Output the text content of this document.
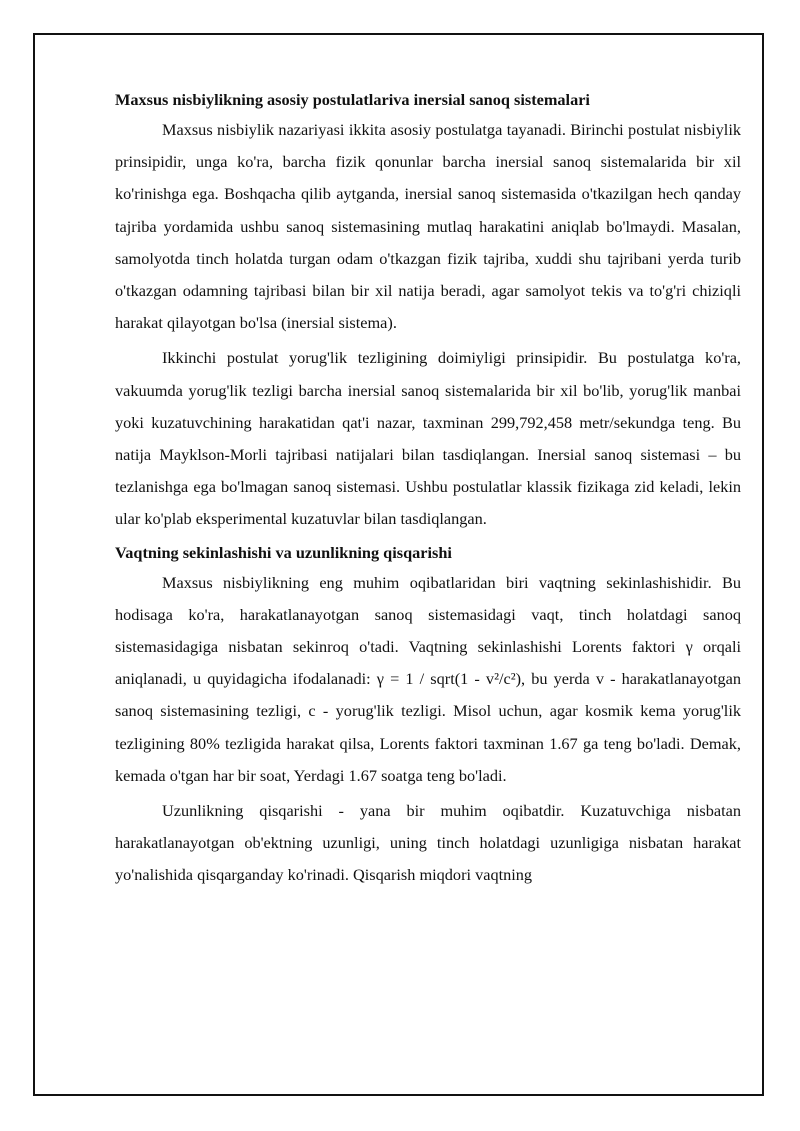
Maxsus nisbiylikning asosiy postulatlariva inersial sanoq sistemalari

Maxsus nisbiylik nazariyasi ikkita asosiy postulatga tayanadi. Birinchi postulat nisbiylik prinsipidir, unga ko'ra, barcha fizik qonunlar barcha inersial sanoq sistemalarida bir xil ko'rinishga ega. Boshqacha qilib aytganda, inersial sanoq sistemasida o'tkazilgan hech qanday tajriba yordamida ushbu sanoq sistemasining mutlaq harakatini aniqlab bo'lmaydi. Masalan, samolyotda tinch holatda turgan odam o'tkazgan fizik tajriba, xuddi shu tajribani yerda turib o'tkazgan odamning tajribasi bilan bir xil natija beradi, agar samolyot tekis va to'g'ri chiziqli harakat qilayotgan bo'lsa (inersial sistema).

Ikkinchi postulat yorug'lik tezligining doimiyligi prinsipidir. Bu postulatga ko'ra, vakuumda yorug'lik tezligi barcha inersial sanoq sistemalarida bir xil bo'lib, yorug'lik manbai yoki kuzatuvchining harakatidan qat'i nazar, taxminan 299,792,458 metr/sekundga teng. Bu natija Mayklson-Morli tajribasi natijalari bilan tasdiqlangan. Inersial sanoq sistemasi – bu tezlanishga ega bo'lmagan sanoq sistemasi. Ushbu postulatlar klassik fizikaga zid keladi, lekin ular ko'plab eksperimental kuzatuvlar bilan tasdiqlangan.

Vaqtning sekinlashishi va uzunlikning qisqarishi

Maxsus nisbiylikning eng muhim oqibatlaridan biri vaqtning sekinlashishidir. Bu hodisaga ko'ra, harakatlanayotgan sanoq sistemasidagi vaqt, tinch holatdagi sanoq sistemasidagiga nisbatan sekinroq o'tadi. Vaqtning sekinlashishi Lorents faktori γ orqali aniqlanadi, u quyidagicha ifodalanadi: γ = 1 / sqrt(1 - v²/c²), bu yerda v - harakatlanayotgan sanoq sistemasining tezligi, c - yorug'lik tezligi. Misol uchun, agar kosmik kema yorug'lik tezligining 80% tezligida harakat qilsa, Lorents faktori taxminan 1.67 ga teng bo'ladi. Demak, kemada o'tgan har bir soat, Yerdagi 1.67 soatga teng bo'ladi.

Uzunlikning qisqarishi - yana bir muhim oqibatdir. Kuzatuvchiga nisbatan harakatlanayotgan ob'ektning uzunligi, uning tinch holatdagi uzunligiga nisbatan harakat yo'nalishida qisqarganday ko'rinadi. Qisqarish miqdori vaqtning
